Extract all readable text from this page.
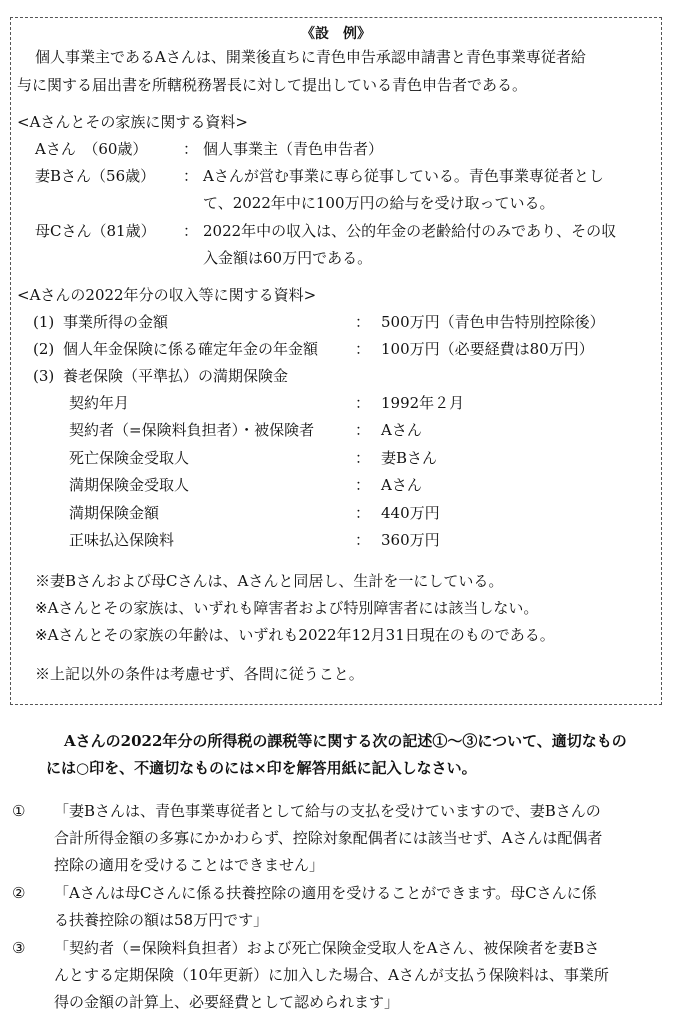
《設　例》
個人事業主であるAさんは、開業後直ちに青色申告承認申請書と青色事業専従者給
与に関する届出書を所轄税務署長に対して提出している青色申告者である。
<Aさんとその家族に関する資料>
Aさん　（60歳） ： 個人事業主（青色申告者）
妻Bさん（56歳） ： Aさんが営む事業に専ら従事している。青色事業専従者とし
て、2022年中に100万円の給与を受け取っている。
母Cさん（81歳） ： 2022年中の収入は、公的年金の老齢給付のみであり、その収
入金額は60万円である。
<Aさんの2022年分の収入等に関する資料>
(1) 事業所得の金額	： 500万円（青色申告特別控除後）
(2) 個人年金保険に係る確定年金の年金額 ： 100万円（必要経費は80万円）
(3) 養老保険（平準払）の満期保険金
契約年月	： 1992年２月
契約者（=保険料負担者）・被保険者	： Aさん
死亡保険金受取人	： 妻Bさん
満期保険金受取人	： Aさん
満期保険金額	： 440万円
正味払込保険料	： 360万円
※妻Bさんおよび母Cさんは、Aさんと同居し、生計を一にしている。
※Aさんとその家族は、いずれも障害者および特別障害者には該当しない。
※Aさんとその家族の年齢は、いずれも2022年12月31日現在のものである。
※上記以外の条件は考慮せず、各問に従うこと。
Aさんの2022年分の所得税の課税等に関する次の記述①～③について、適切なもの
には○印を、不適切なものには×印を解答用紙に記入しなさい。
① 「妻Bさんは、青色事業専従者として給与の支払を受けていますので、妻Bさんの
合計所得金額の多寡にかかわらず、控除対象配偶者には該当せず、Aさんは配偶者
控除の適用を受けることはできません」
② 「Aさんは母Cさんに係る扶養控除の適用を受けることができます。母Cさんに係
る扶養控除の額は58万円です」
③ 「契約者（=保険料負担者）および死亡保険金受取人をAさん、被保険者を妻Bさ
んとする定期保険（10年更新）に加入した場合、Aさんが支払う保険料は、事業所
得の金額の計算上、必要経費として認められます」
